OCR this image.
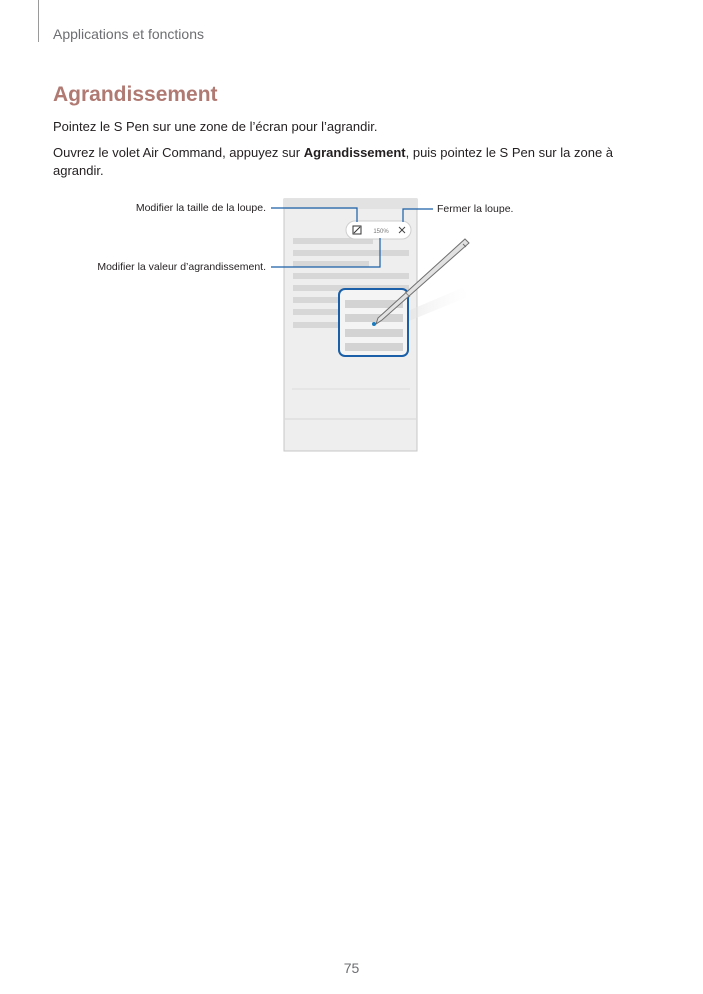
Applications et fonctions
Agrandissement
Pointez le S Pen sur une zone de l’écran pour l’agrandir.
Ouvrez le volet Air Command, appuyez sur Agrandissement, puis pointez le S Pen sur la zone à agrandir.
150%
Modifier la taille de la loupe.
Modifier la valeur d’agrandissement.
Fermer la loupe.
75
